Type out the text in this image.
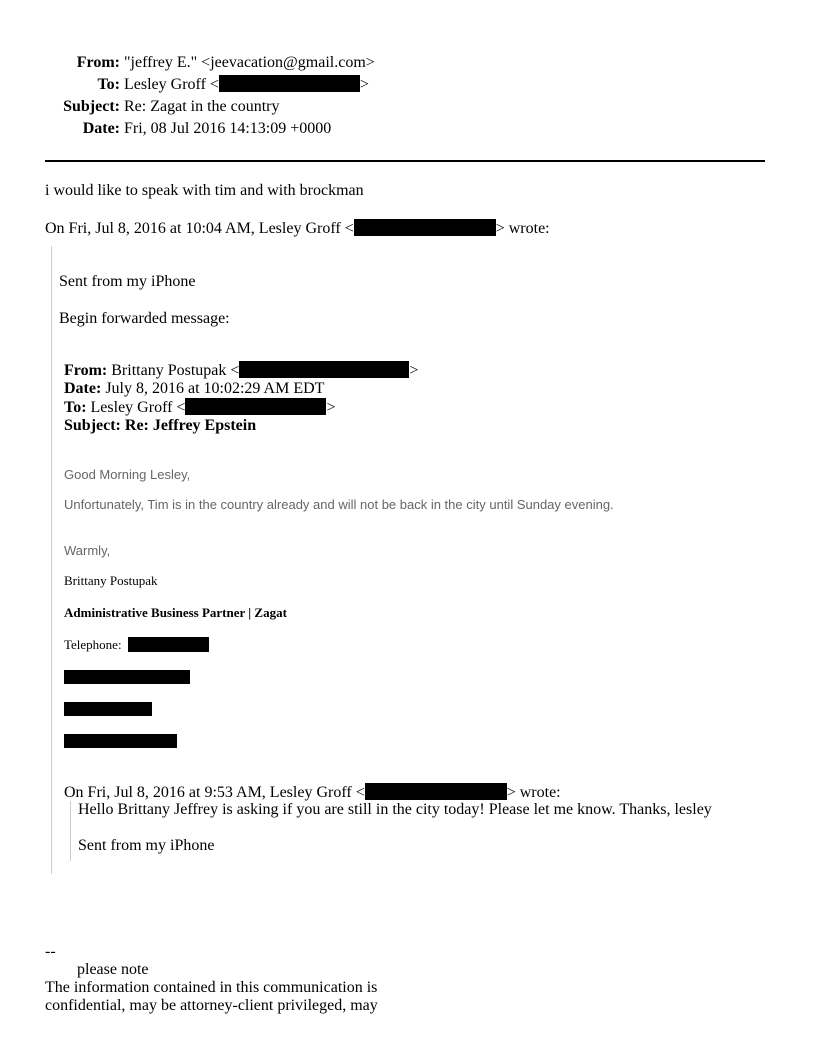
From: "jeffrey E." <jeevacation@gmail.com>
To: Lesley Groff <	>
Subject: Re: Zagat in the country
Date: Fri, 08 Jul 2016 14:13:09 +0000
i would like to speak with tim and with brockman
On Fri, Jul 8, 2016 at 10:04 AM, Lesley Groff <	> wrote:
Sent from my iPhone
Begin forwarded message:
From: Brittany Postupak <	>
Date: July 8, 2016 at 10:02:29 AM EDT
To: Lesley Groff <	>
Subject: Re: Jeffrey Epstein
Good Morning Lesley,
Unfortunately, Tim is in the country already and will not be back in the city until Sunday evening.
Warmly,
Brittany Postupak
Administrative Business Partner | Zagat
Telephone:
On Fri, Jul 8, 2016 at 9:53 AM, Lesley Groff <	> wrote:
Hello Brittany Jeffrey is asking if you are still in the city today! Please let me know. Thanks, lesley
Sent from my iPhone
--
please note
The information contained in this communication is
confidential, may be attorney-client privileged, may
